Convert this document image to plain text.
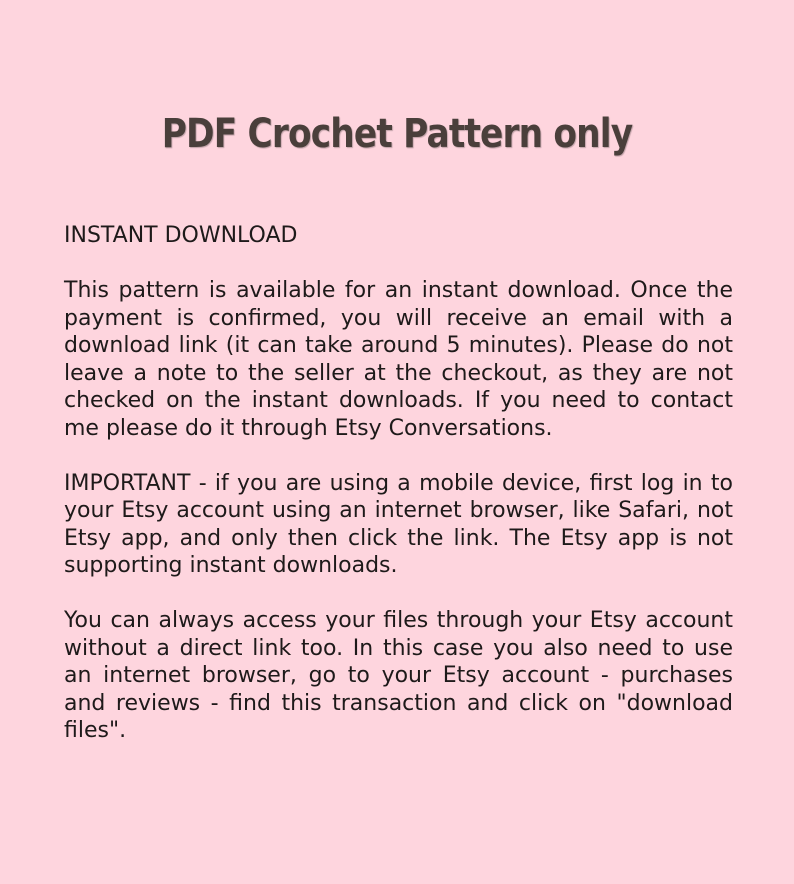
PDF Crochet Pattern only

INSTANT DOWNLOAD

This pattern is available for an instant download. Once the payment is confirmed, you will receive an email with a download link (it can take around 5 minutes). Please do not leave a note to the seller at the checkout, as they are not checked on the instant downloads. If you need to contact me please do it through Etsy Conversations.

IMPORTANT - if you are using a mobile device, first log in to your Etsy account using an internet browser, like Safari, not Etsy app, and only then click the link. The Etsy app is not supporting instant downloads.

You can always access your files through your Etsy account without a direct link too. In this case you also need to use an internet browser, go to your Etsy account - purchases and reviews - find this transaction and click on "download files".
